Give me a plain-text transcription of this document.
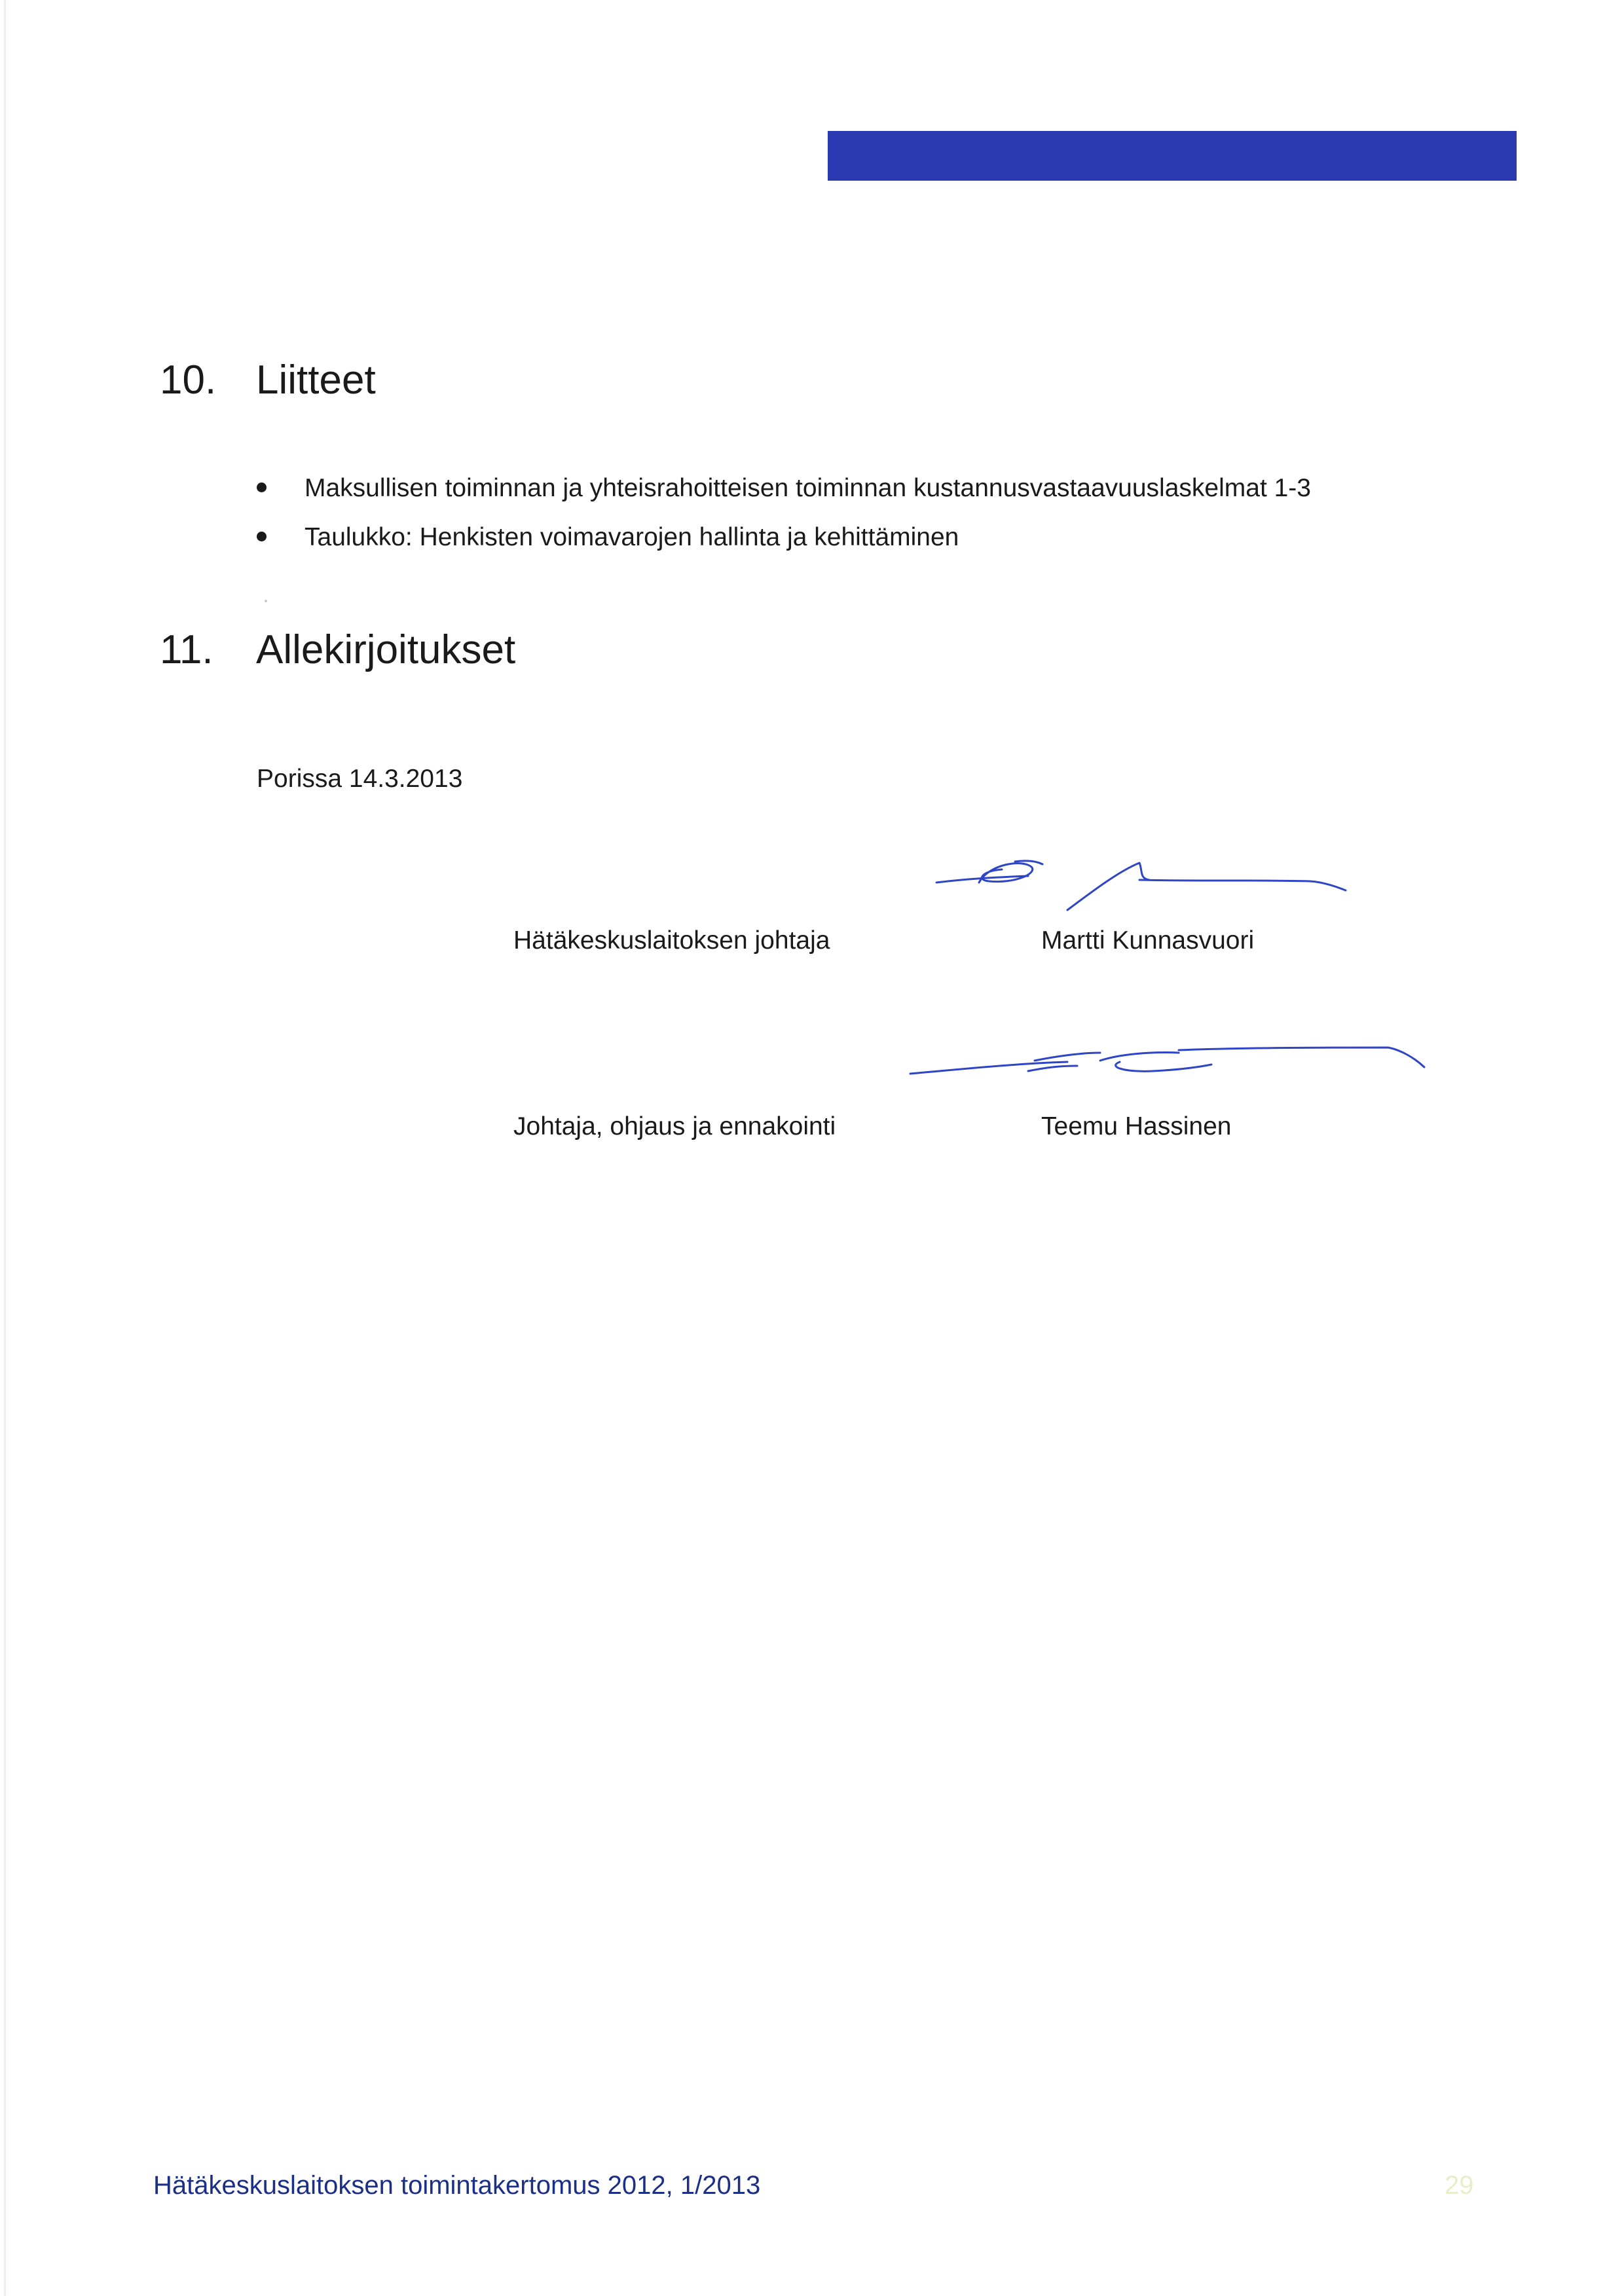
10. Liitteet
Maksullisen toiminnan ja yhteisrahoitteisen toiminnan kustannusvastaavuuslaskelmat 1-3
Taulukko: Henkisten voimavarojen hallinta ja kehittäminen
11. Allekirjoitukset
Porissa 14.3.2013
Hätäkeskuslaitoksen johtaja	Martti Kunnasvuori
Johtaja, ohjaus ja ennakointi	Teemu Hassinen
Hätäkeskuslaitoksen toimintakertomus 2012, 1/2013	29
